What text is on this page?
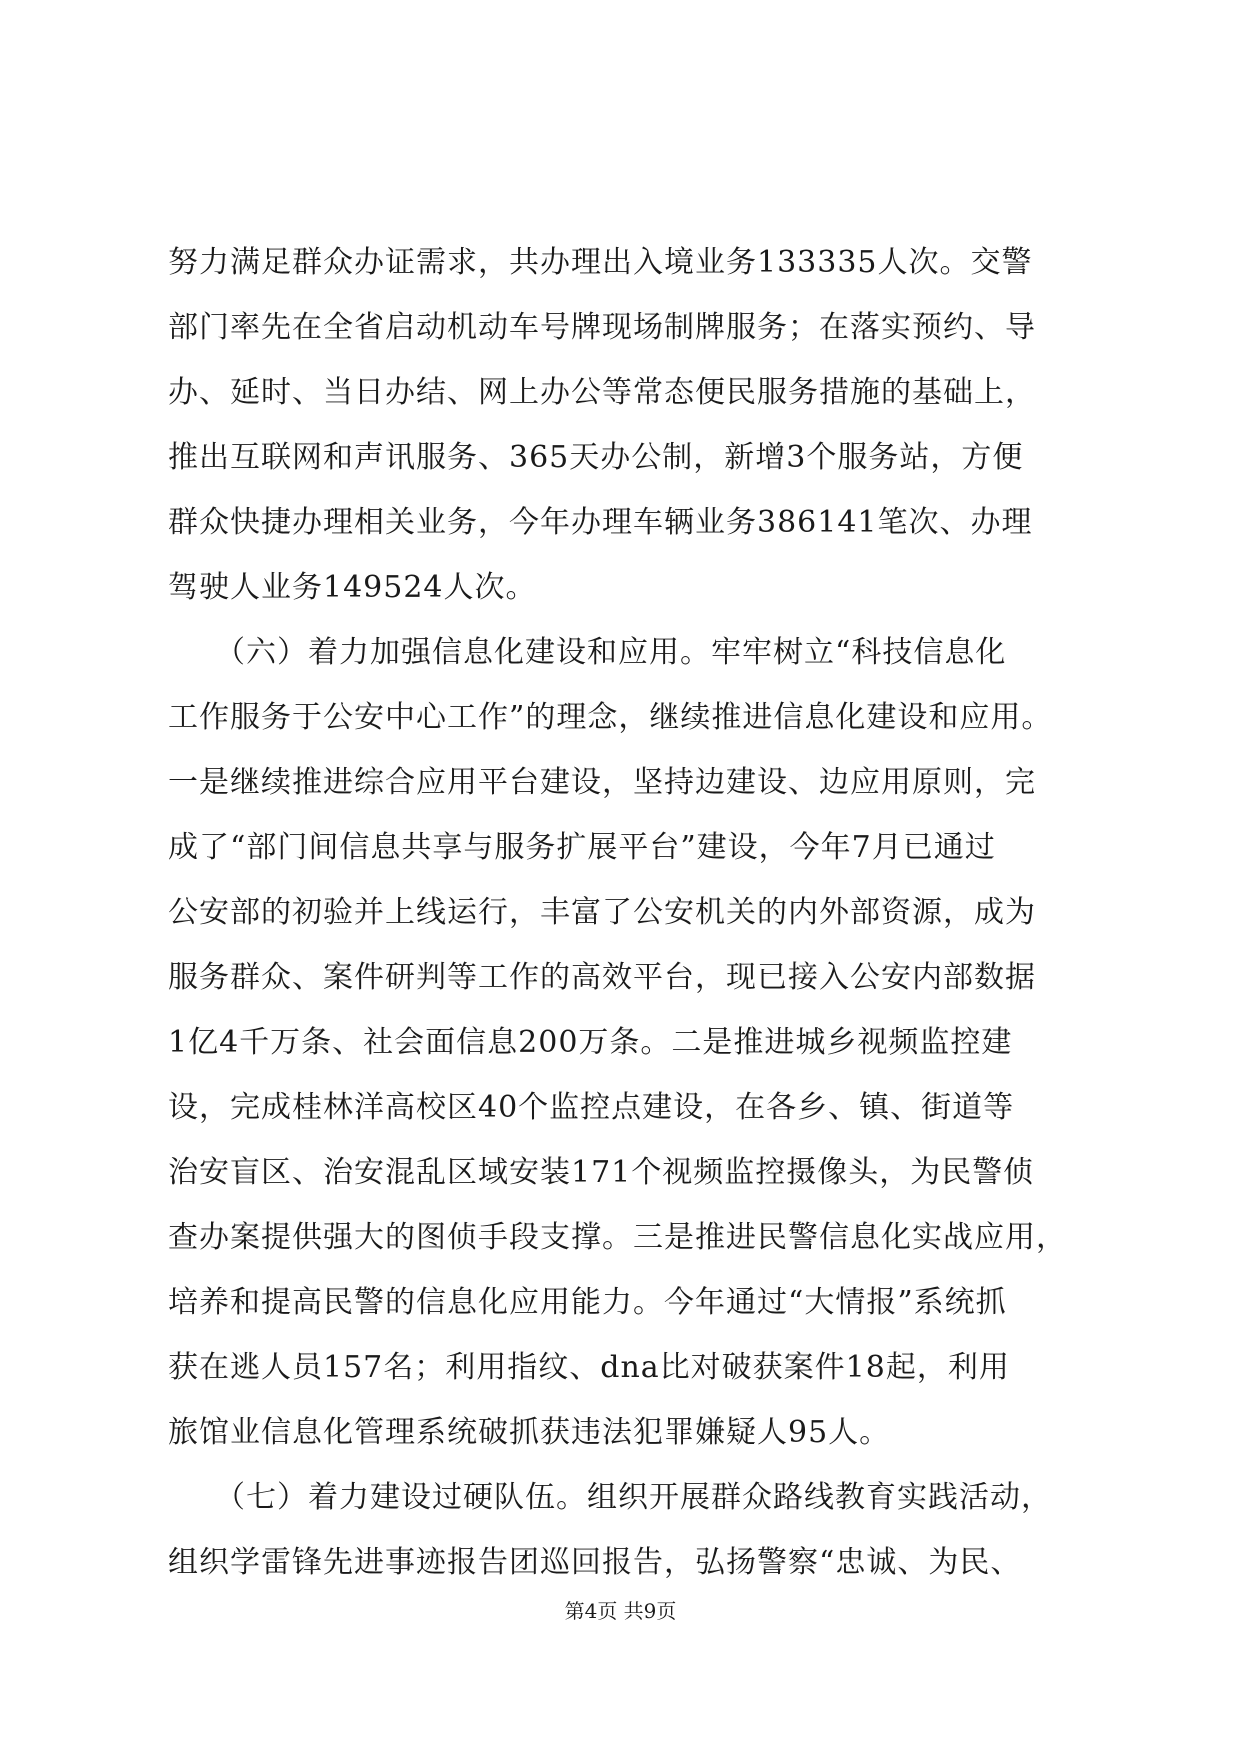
努力满足群众办证需求，共办理出入境业务133335人次。交警
部门率先在全省启动机动车号牌现场制牌服务；在落实预约、导
办、延时、当日办结、网上办公等常态便民服务措施的基础上，
推出互联网和声讯服务、365天办公制，新增3个服务站，方便
群众快捷办理相关业务，今年办理车辆业务386141笔次、办理
驾驶人业务149524人次。
　　（六）着力加强信息化建设和应用。牢牢树立“科技信息化
工作服务于公安中心工作”的理念，继续推进信息化建设和应用。
一是继续推进综合应用平台建设，坚持边建设、边应用原则，完
成了“部门间信息共享与服务扩展平台”建设，今年7月已通过
公安部的初验并上线运行，丰富了公安机关的内外部资源，成为
服务群众、案件研判等工作的高效平台，现已接入公安内部数据
1亿4千万条、社会面信息200万条。二是推进城乡视频监控建
设，完成桂林洋高校区40个监控点建设，在各乡、镇、街道等
治安盲区、治安混乱区域安装171个视频监控摄像头，为民警侦
查办案提供强大的图侦手段支撑。三是推进民警信息化实战应用，
培养和提高民警的信息化应用能力。今年通过“大情报”系统抓
获在逃人员157名；利用指纹、dna比对破获案件18起，利用
旅馆业信息化管理系统破抓获违法犯罪嫌疑人95人。
　　（七）着力建设过硬队伍。组织开展群众路线教育实践活动，
组织学雷锋先进事迹报告团巡回报告，弘扬警察“忠诚、为民、
第4页 共9页
